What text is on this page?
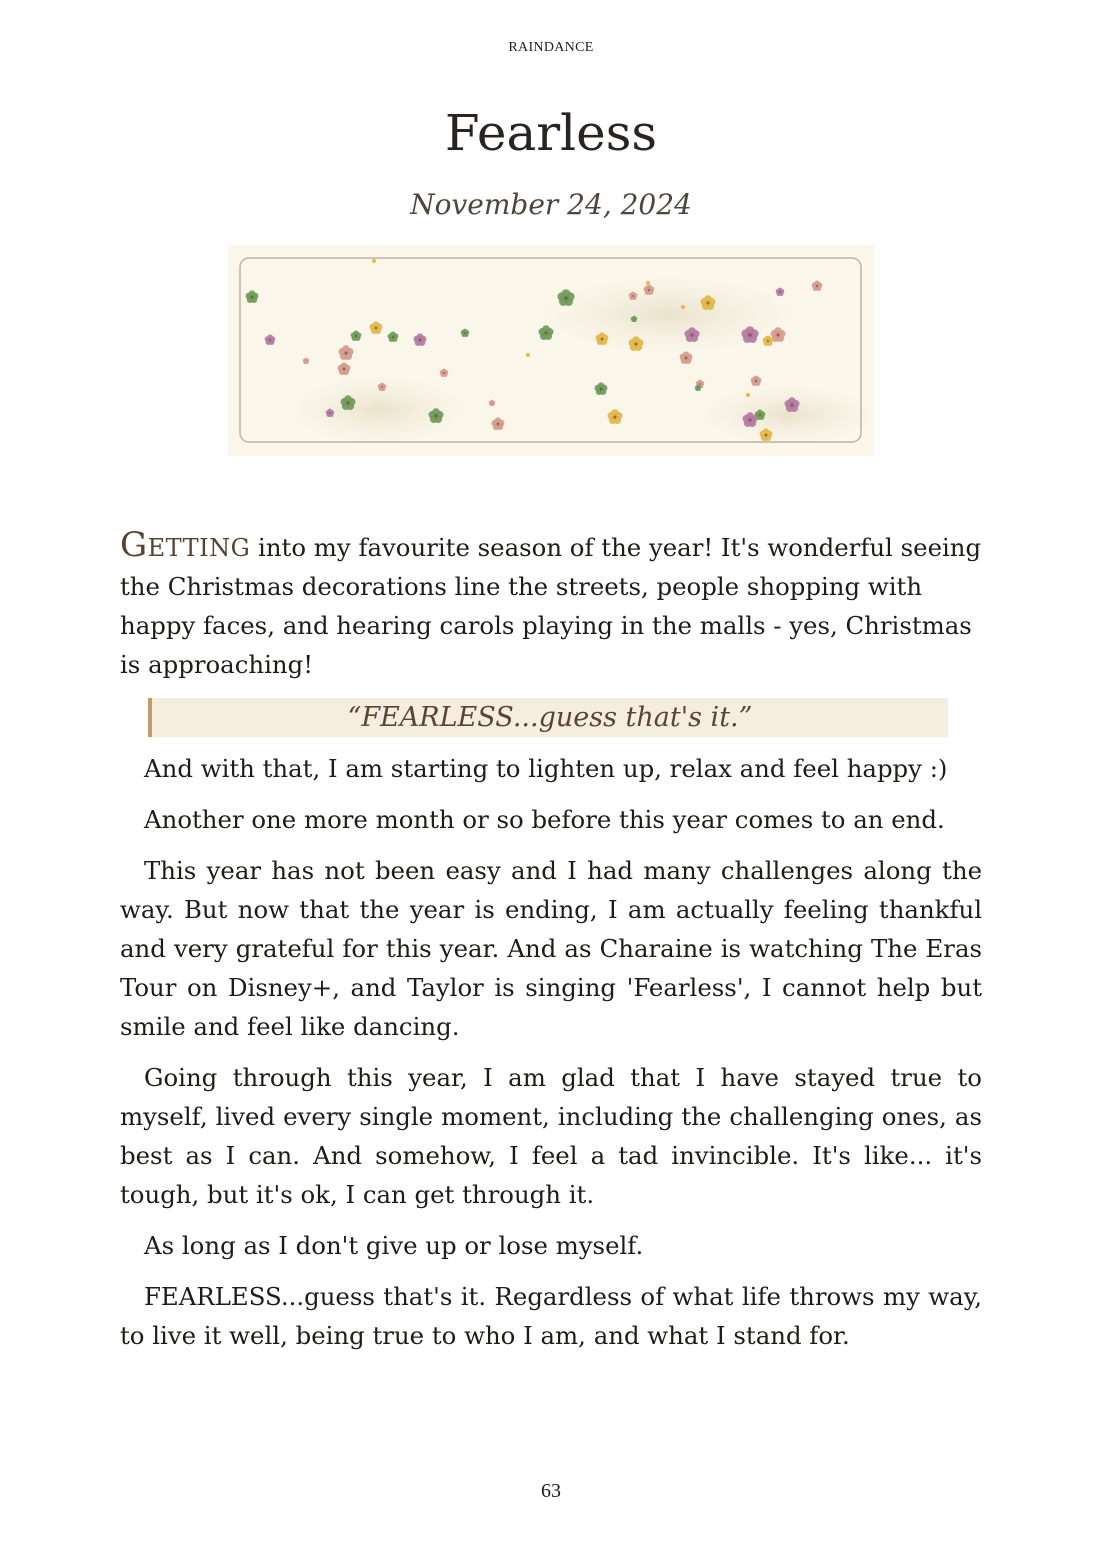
RAINDANCE
Fearless
November 24, 2024

Getting into my favourite season of the year! It's wonderful seeing the Christmas decorations line the streets, people shopping with happy faces, and hearing carols playing in the malls - yes, Christmas is approaching!

“FEARLESS...guess that's it.”

And with that, I am starting to lighten up, relax and feel happy :)

Another one more month or so before this year comes to an end.

This year has not been easy and I had many challenges along the way. But now that the year is ending, I am actually feeling thankful and very grateful for this year. And as Charaine is watching The Eras Tour on Disney+, and Taylor is singing 'Fearless', I cannot help but smile and feel like dancing.

Going through this year, I am glad that I have stayed true to myself, lived every single moment, including the challenging ones, as best as I can. And somehow, I feel a tad invincible. It's like... it's tough, but it's ok, I can get through it.

As long as I don't give up or lose myself.

FEARLESS...guess that's it. Regardless of what life throws my way, to live it well, being true to who I am, and what I stand for.

63
